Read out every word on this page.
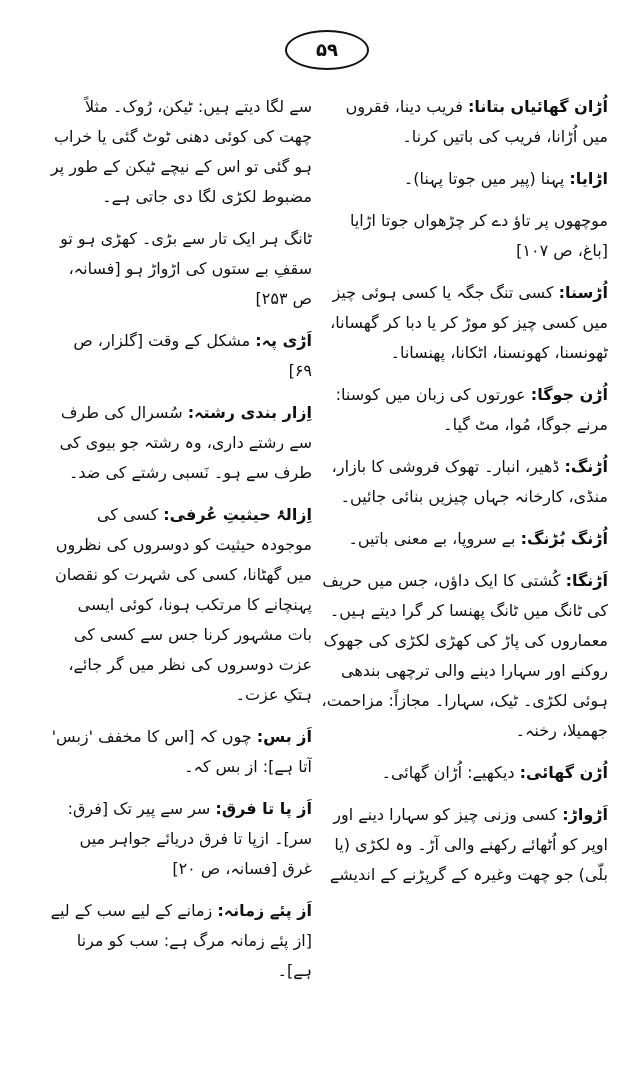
۵۹

اُڑان گھائیاں بتانا: فریب دینا، فقروں میں اُڑانا، فریب کی باتیں کرنا۔

اڑایا: پہنا (پیر میں جوتا پہنا)۔

موچھوں پر تاؤ دے کر چڑھواں جوتا اڑایا [باغ، ص ۱۰۷]

اُڑسنا: کسی تنگ جگہ یا کسی ہوئی چیز میں کسی چیز کو موڑ کر یا دبا کر گھسانا، ٹھونسنا، کھونسنا، اٹکانا، پھنسانا۔

اُڑن جوگا: عورتوں کی زبان میں کوسنا: مرنے جوگا، مُوا، مٹ گیا۔

اُڑنگ: ڈھیر، انبار۔ تھوک فروشی کا بازار، منڈی، کارخانہ جہاں چیزیں بنائی جائیں۔

اُڑنگ بُڑنگ: بے سروپا، بے معنی باتیں۔

اَڑنگا: کُشتی کا ایک داؤں، جس میں حریف کی ٹانگ میں ٹانگ پھنسا کر گرا دیتے ہیں۔ معماروں کی پاڑ کی کھڑی لکڑی کی جھوک روکنے اور سہارا دینے والی ترچھی بندھی ہوئی لکڑی۔ ٹیک، سہارا۔ مجازاً: مزاحمت، جھمیلا، رخنہ۔

اُڑن گھائی: دیکھیے: اُڑان گھائی۔

اَڑواڑ: کسی وزنی چیز کو سہارا دینے اور اوپر کو اُٹھائے رکھنے والی آڑ۔ وہ لکڑی (یا بلّی) جو چھت وغیرہ کے گرپڑنے کے اندیشے

سے لگا دیتے ہیں: ٹیکن، رُوک۔ مثلاً چھت کی کوئی دھنی ٹوٹ گئی یا خراب ہو گئی تو اس کے نیچے ٹیکن کے طور پر مضبوط لکڑی لگا دی جاتی ہے۔

ٹانگ ہر ایک تار سے بڑی۔ کھڑی ہو تو سقفِ بے ستوں کی اڑواڑ ہو [فسانہ، ص ۲۵۳]

اَڑی پہ: مشکل کے وقت [گلزار، ص ۶۹]

اِزار بندی رشتہ: سُسرال کی طرف سے رشتے داری، وہ رشتہ جو بیوی کی طرف سے ہو۔ نَسبی رشتے کی ضد۔

اِزالۂ حیثیتِ عُرفی: کسی کی موجودہ حیثیت کو دوسروں کی نظروں میں گھٹانا، کسی کی شہرت کو نقصان پہنچانے کا مرتکب ہونا، کوئی ایسی بات مشہور کرنا جس سے کسی کی عزت دوسروں کی نظر میں گر جائے، ہتکِ عزت۔

اَز بس: چوں کہ [اس کا مخفف 'زبس' آتا ہے]: از بس کہ۔

اَز پا تا فرق: سر سے پیر تک [فرق: سر]۔ ازپا تا فرق دریائے جواہر میں غرق [فسانہ، ص ۲۰]

اَز پئے زمانہ: زمانے کے لیے سب کے لیے [از پئے زمانہ مرگ ہے: سب کو مرنا ہے]۔
